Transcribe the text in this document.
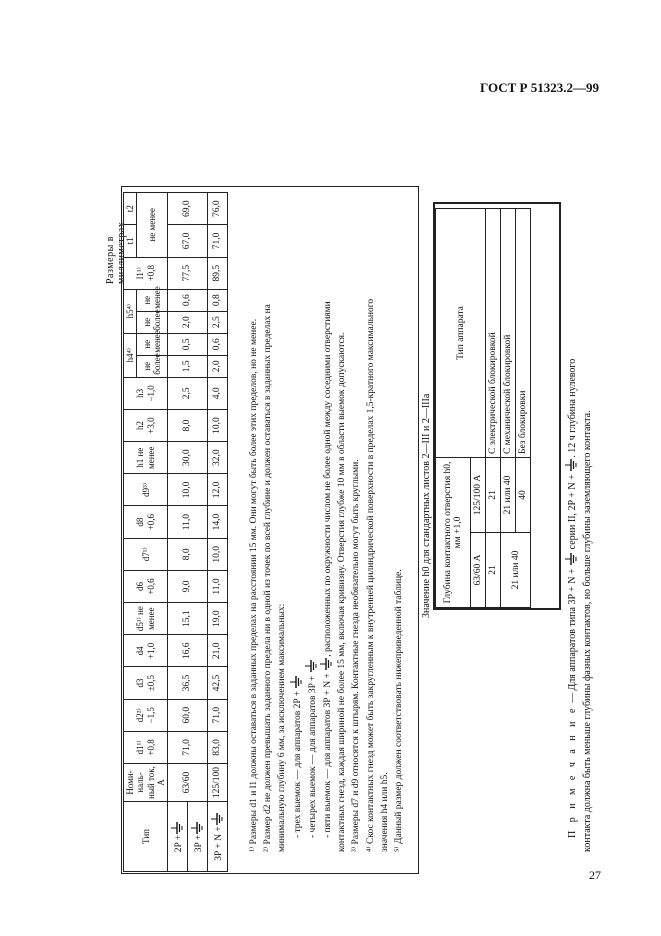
ГОСТ Р 51323.2—99
Размеры в миллиметрах
Тип	Номи-наль-ный ток, А	d1¹⁾ +0,8	d2²⁾ −1,5	d3 ±0,5	d4 +1,0	d5¹⁾ не менее	d6 +0,6	d7¹⁾	d8 +0,6	d9³⁾	h1 не менее	h2 +3,0	h3 −1,0	h4⁴⁾		h5⁴⁾		l1¹⁾ +0,8	t1	t2
														не более	не менее	не более	не менее		не менее	

2P +	63/60	71,0	60,0	36,5	16,6	15,1	9,0	8,0	11,0	10,0	30,0	8,0	2,5	1,5	0,5	2,0	0,6	77,5	67,0	69,0
3P +																				
3P + N +	125/100	83,0	71,0	42,5	21,0	19,0	11,0	10,0	14,0	12,0	32,0	10,0	4,0	2,0	0,6	2,5	0,8	89,5	71,0	76,0
¹⁾ Размеры d1 и l1 должны оставаться в заданных пределах на расстоянии 15 мм. Они могут быть более этих пределов, но не менее. ²⁾ Размер d2 не должен превышать заданного предела ни в одной из точек по всей глубине и должен оставаться в заданных пределах на минимальную глубину 6 мм, за исключением максимальных: - трех выемок — для аппаратов 2P + - четырех выемок — для аппаратов 3P + - пяти выемок — для аппаратов 3P + N + , расположенных по окружности числом не более одной между соседними отверстиями контактных гнезд, каждая шириной не более 15 мм, включая кривизну. Отверстия глубже 10 мм в области выемок допускаются. ³⁾ Размеры d7 и d9 относятся к штырям. Контактные гнезда необязательно могут быть круглыми. ⁴⁾ Скос контактных гнезд может быть закругленным к внутренней цилиндрической поверхности в пределах 1,5-кратного максимального значения h4 или h5. ⁵⁾ Данный размер должен соответствовать нижеприведенной таблице.
Значение h0 для стандартных листов 2—III и 2—IIIa Глубина контактного отверстия h0, мм +1,0		Тип аппарата
63/60 А	125/100 А	
21	21	С электрической блокировкой
21 или 40	21 или 40	С механической блокировкой
	40	Без блокировки
П р и м е ч а н и е — Для аппаратов типа 3P + N +  серии II, 2P + N + . 12 ч глубина нулевого
контакта должна быть меньше глубины фазных контактов, но больше глубины заземляющего контакта.
27
